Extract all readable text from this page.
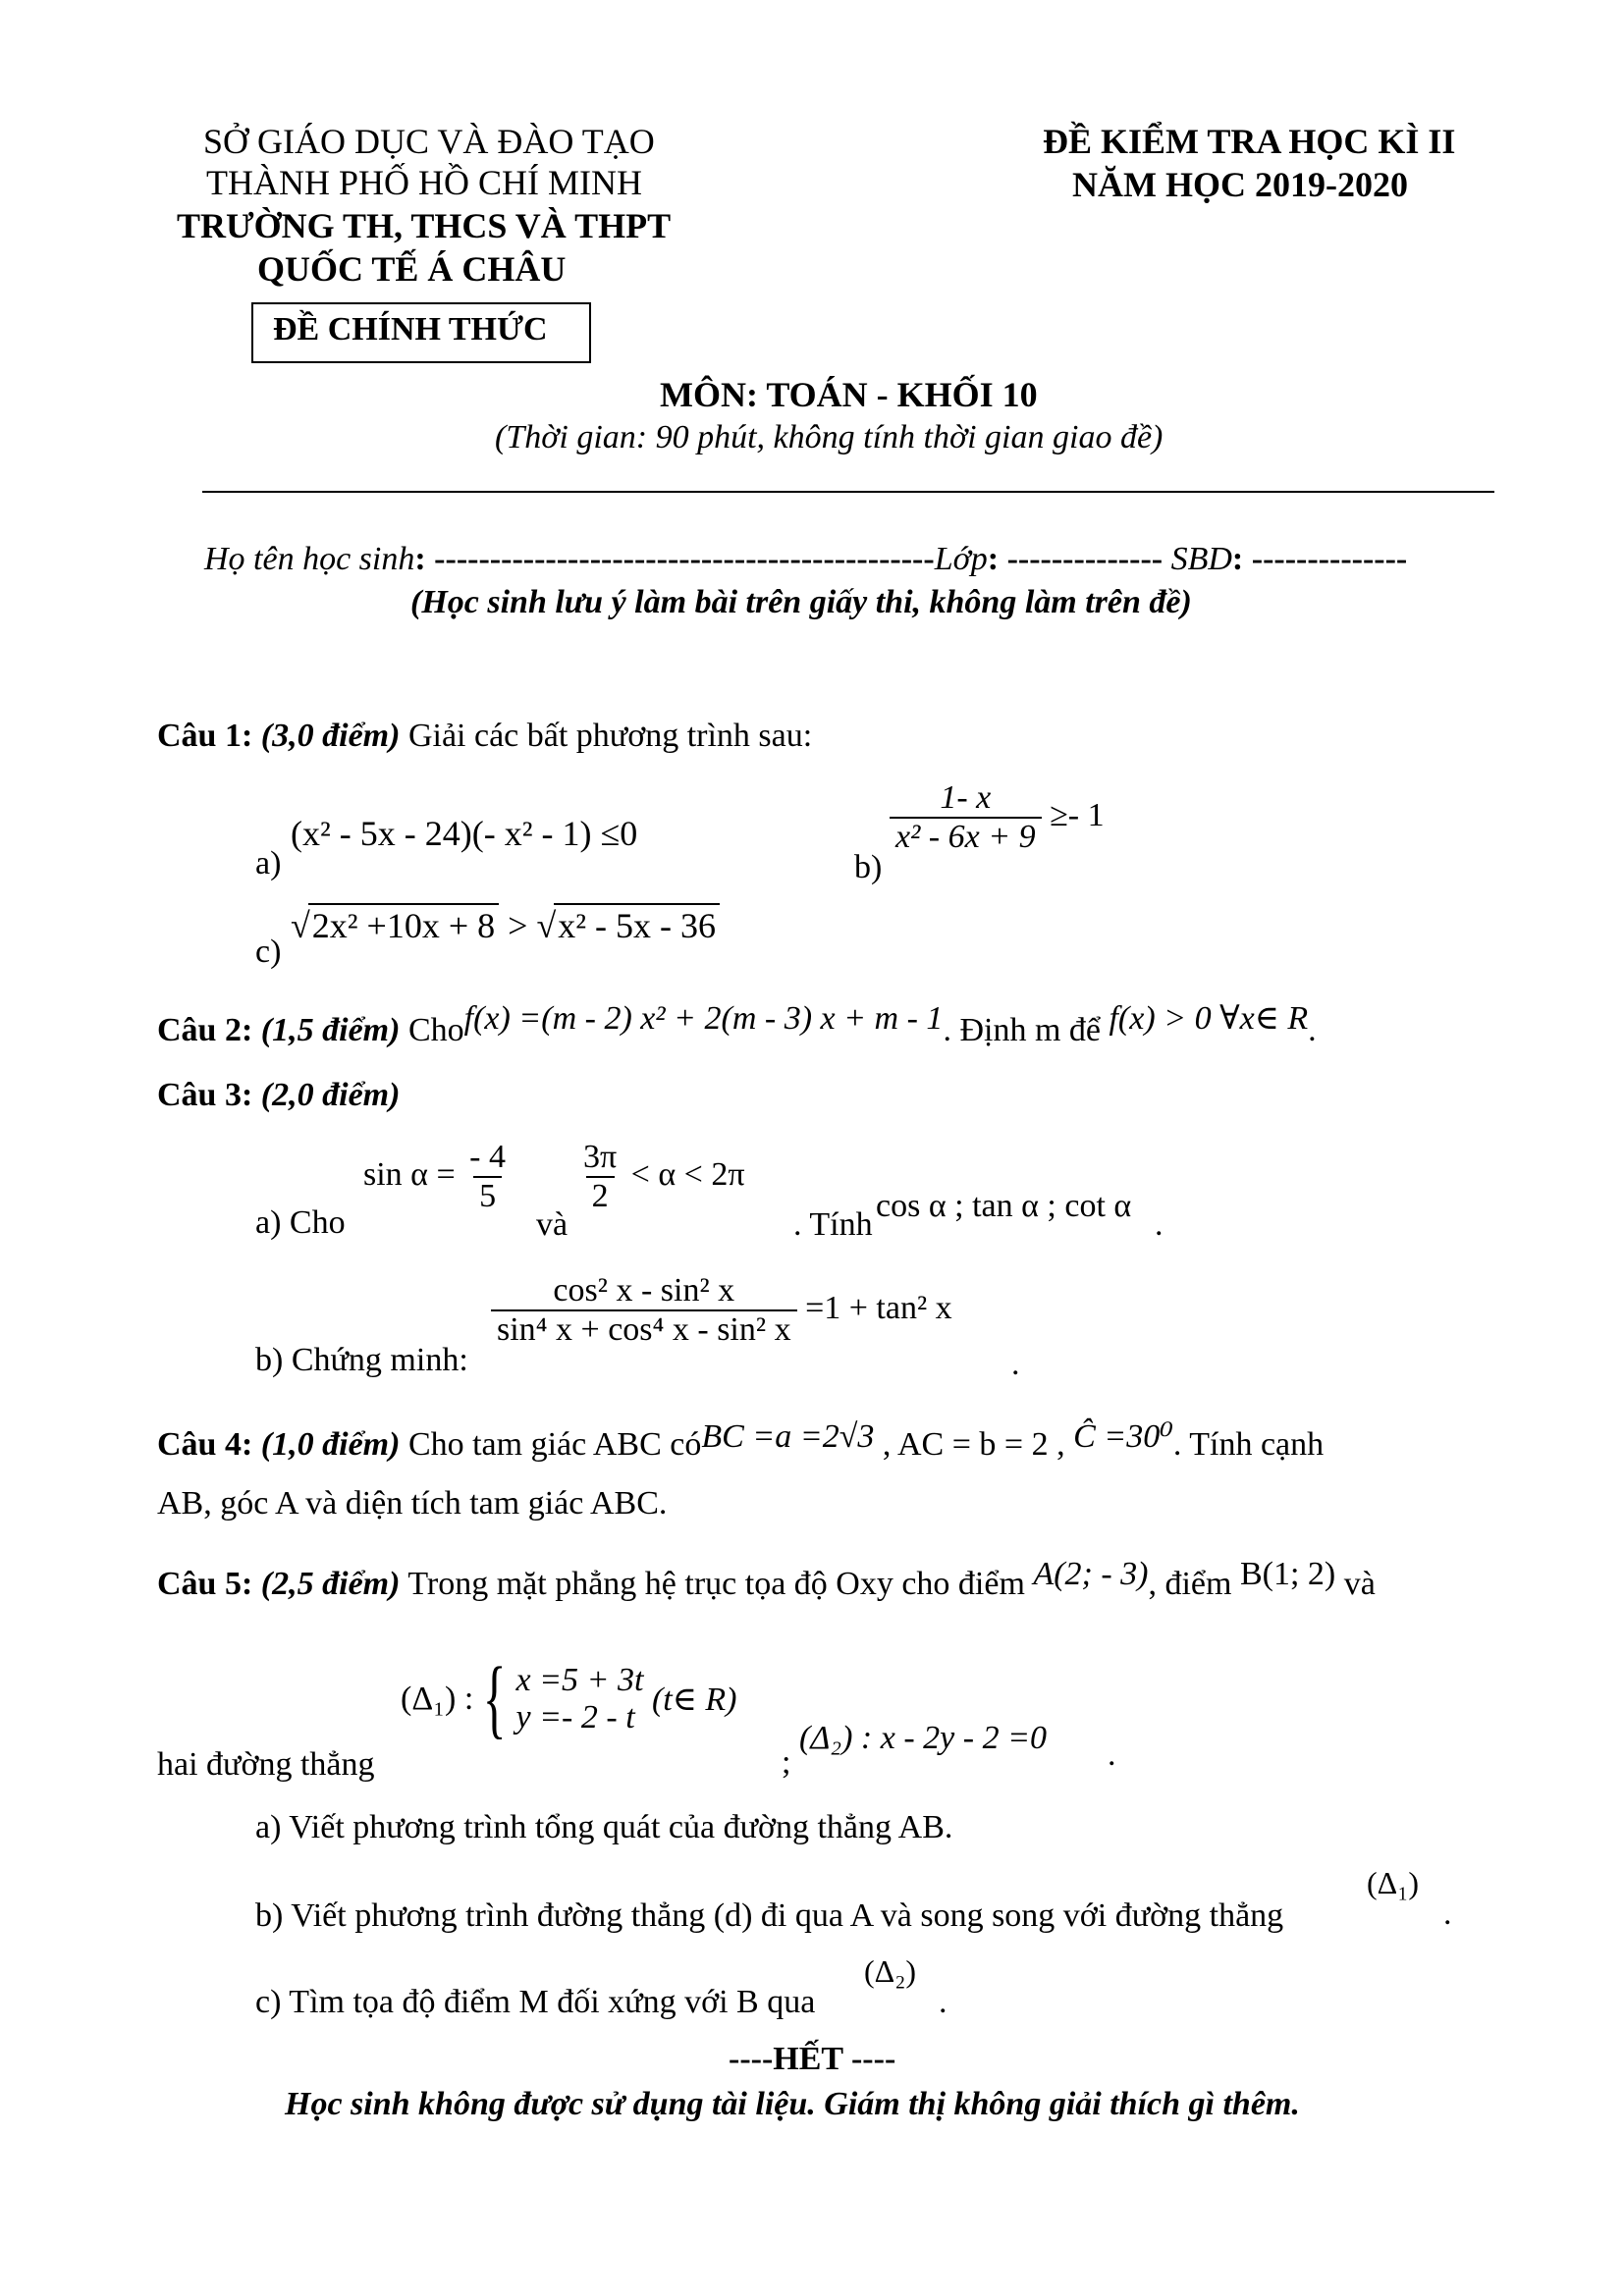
SỞ GIÁO DỤC VÀ ĐÀO TẠO
THÀNH PHỐ HỒ CHÍ MINH
TRƯỜNG TH, THCS VÀ THPT
QUỐC TẾ Á CHÂU
ĐỀ CHÍNH THỨC
ĐỀ KIỂM TRA HỌC KÌ II
NĂM HỌC 2019-2020
MÔN: TOÁN - KHỐI 10
(Thời gian: 90 phút, không tính thời gian giao đề)
Họ tên học sinh: ---------------------------------------------Lớp: -------------- SBD: --------------
(Học sinh lưu ý làm bài trên giấy thi, không làm trên đề)
Câu 1: (3,0 điểm) Giải các bất phương trình sau:
a)
(x² - 5x - 24)(- x² - 1) ≤0
b)
$\frac{1- x}{\text{x² - 6x + 9}} \ge- 1$
c)
√2x² +10x + 8 > √x² - 5x - 36
Câu 2: (1,5 điểm) Chof(x) =(m - 2) x² + 2(m - 3) x + m - 1. Định m để f(x) > 0 ∀x∈ R.
Câu 3: (2,0 điểm)
a) Cho
$\sin \alpha = \frac{- 4}{5}$
và
$\frac{3\pi}{2} < \alpha < 2\pi$
. Tính
cos α ; tan α ; cot α
.
b) Chứng minh:
$\frac{\text{cos² x - sin² x}}{\text{sin⁴ x + cos⁴ x - sin² x}} =1 + \tan^2$ x
.
Câu 4: (1,0 điểm) Cho tam giác ABC cóBC =a =2√3 , AC = b = 2 , Ĉ =30⁰. Tính cạnh
AB, góc A và diện tích tam giác ABC.
Câu 5: (2,5 điểm) Trong mặt phẳng hệ trục tọa độ Oxy cho điểm A(2; - 3), điểm B(1; 2) và
hai đường thẳng
(Δ₁) : { x =5 + 3t
y =- 2 - t (t∈ R)
;
(Δ₂) : x - 2y - 2 =0 .
a) Viết phương trình tổng quát của đường thẳng AB.
b) Viết phương trình đường thẳng (d) đi qua A và song song với đường thẳng
(Δ₁)
.
c) Tìm tọa độ điểm M đối xứng với B qua
(Δ₂)
.
----HẾT ----
Học sinh không được sử dụng tài liệu. Giám thị không giải thích gì thêm.
